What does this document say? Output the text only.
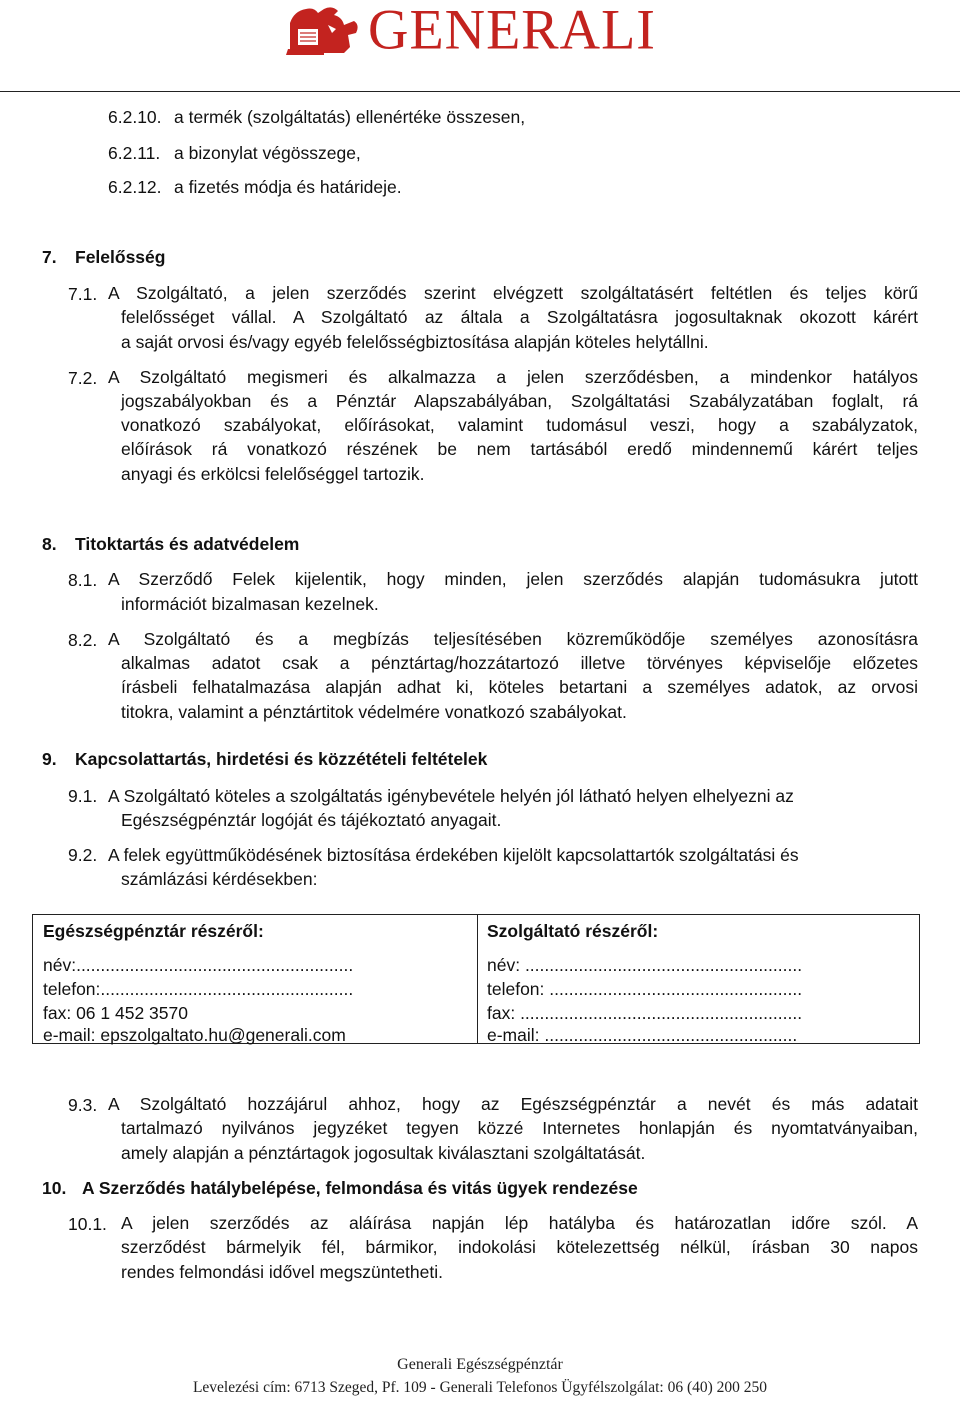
GENERALI
6.2.10. a termék (szolgáltatás) ellenértéke összesen,
6.2.11. a bizonylat végösszege,
6.2.12. a fizetés módja és határideje.
7. Felelősség
7.1. A Szolgáltató, a jelen szerződés szerint elvégzett szolgáltatásért feltétlen és teljes körű
felelősséget vállal. A Szolgáltató az általa a Szolgáltatásra jogosultaknak okozott kárért
a saját orvosi és/vagy egyéb felelősségbiztosítása alapján köteles helytállni.
7.2. A Szolgáltató megismeri és alkalmazza a jelen szerződésben, a mindenkor hatályos
jogszabályokban és a Pénztár Alapszabályában, Szolgáltatási Szabályzatában foglalt, rá
vonatkozó szabályokat, előírásokat, valamint tudomásul veszi, hogy a szabályzatok,
előírások rá vonatkozó részének be nem tartásából eredő mindennemű kárért teljes
anyagi és erkölcsi felelőséggel tartozik.
8. Titoktartás és adatvédelem
8.1. A Szerződő Felek kijelentik, hogy minden, jelen szerződés alapján tudomásukra jutott
információt bizalmasan kezelnek.
8.2. A Szolgáltató és a megbízás teljesítésében közreműködője személyes azonosításra
alkalmas adatot csak a pénztártag/hozzátartozó illetve törvényes képviselője előzetes
írásbeli felhatalmazása alapján adhat ki, köteles betartani a személyes adatok, az orvosi
titokra, valamint a pénztártitok védelmére vonatkozó szabályokat.
9. Kapcsolattartás, hirdetési és közzétételi feltételek
9.1. A Szolgáltató köteles a szolgáltatás igénybevétele helyén jól látható helyen elhelyezni az
Egészségpénztár logóját és tájékoztató anyagait.
9.2. A felek együttműködésének biztosítása érdekében kijelölt kapcsolattartók szolgáltatási és
számlázási kérdésekben:
Egészségpénztár részéről:
név:.........................................................
telefon:....................................................
fax: 06 1 452 3570
e-mail: epszolgaltato.hu@generali.com
Szolgáltató részéről:
név: .........................................................
telefon: ....................................................
fax: ..........................................................
e-mail: ....................................................
9.3. A Szolgáltató hozzájárul ahhoz, hogy az Egészségpénztár a nevét és más adatait
tartalmazó nyilvános jegyzéket tegyen közzé Internetes honlapján és nyomtatványaiban,
amely alapján a pénztártagok jogosultak kiválasztani szolgáltatását.
10. A Szerződés hatálybelépése, felmondása és vitás ügyek rendezése
10.1. A jelen szerződés az aláírása napján lép hatályba és határozatlan időre szól. A
szerződést bármelyik fél, bármikor, indokolási kötelezettség nélkül, írásban 30 napos
rendes felmondási idővel megszüntetheti.
Generali Egészségpénztár
Levelezési cím: 6713 Szeged, Pf. 109 - Generali Telefonos Ügyfélszolgálat: 06 (40) 200 250
